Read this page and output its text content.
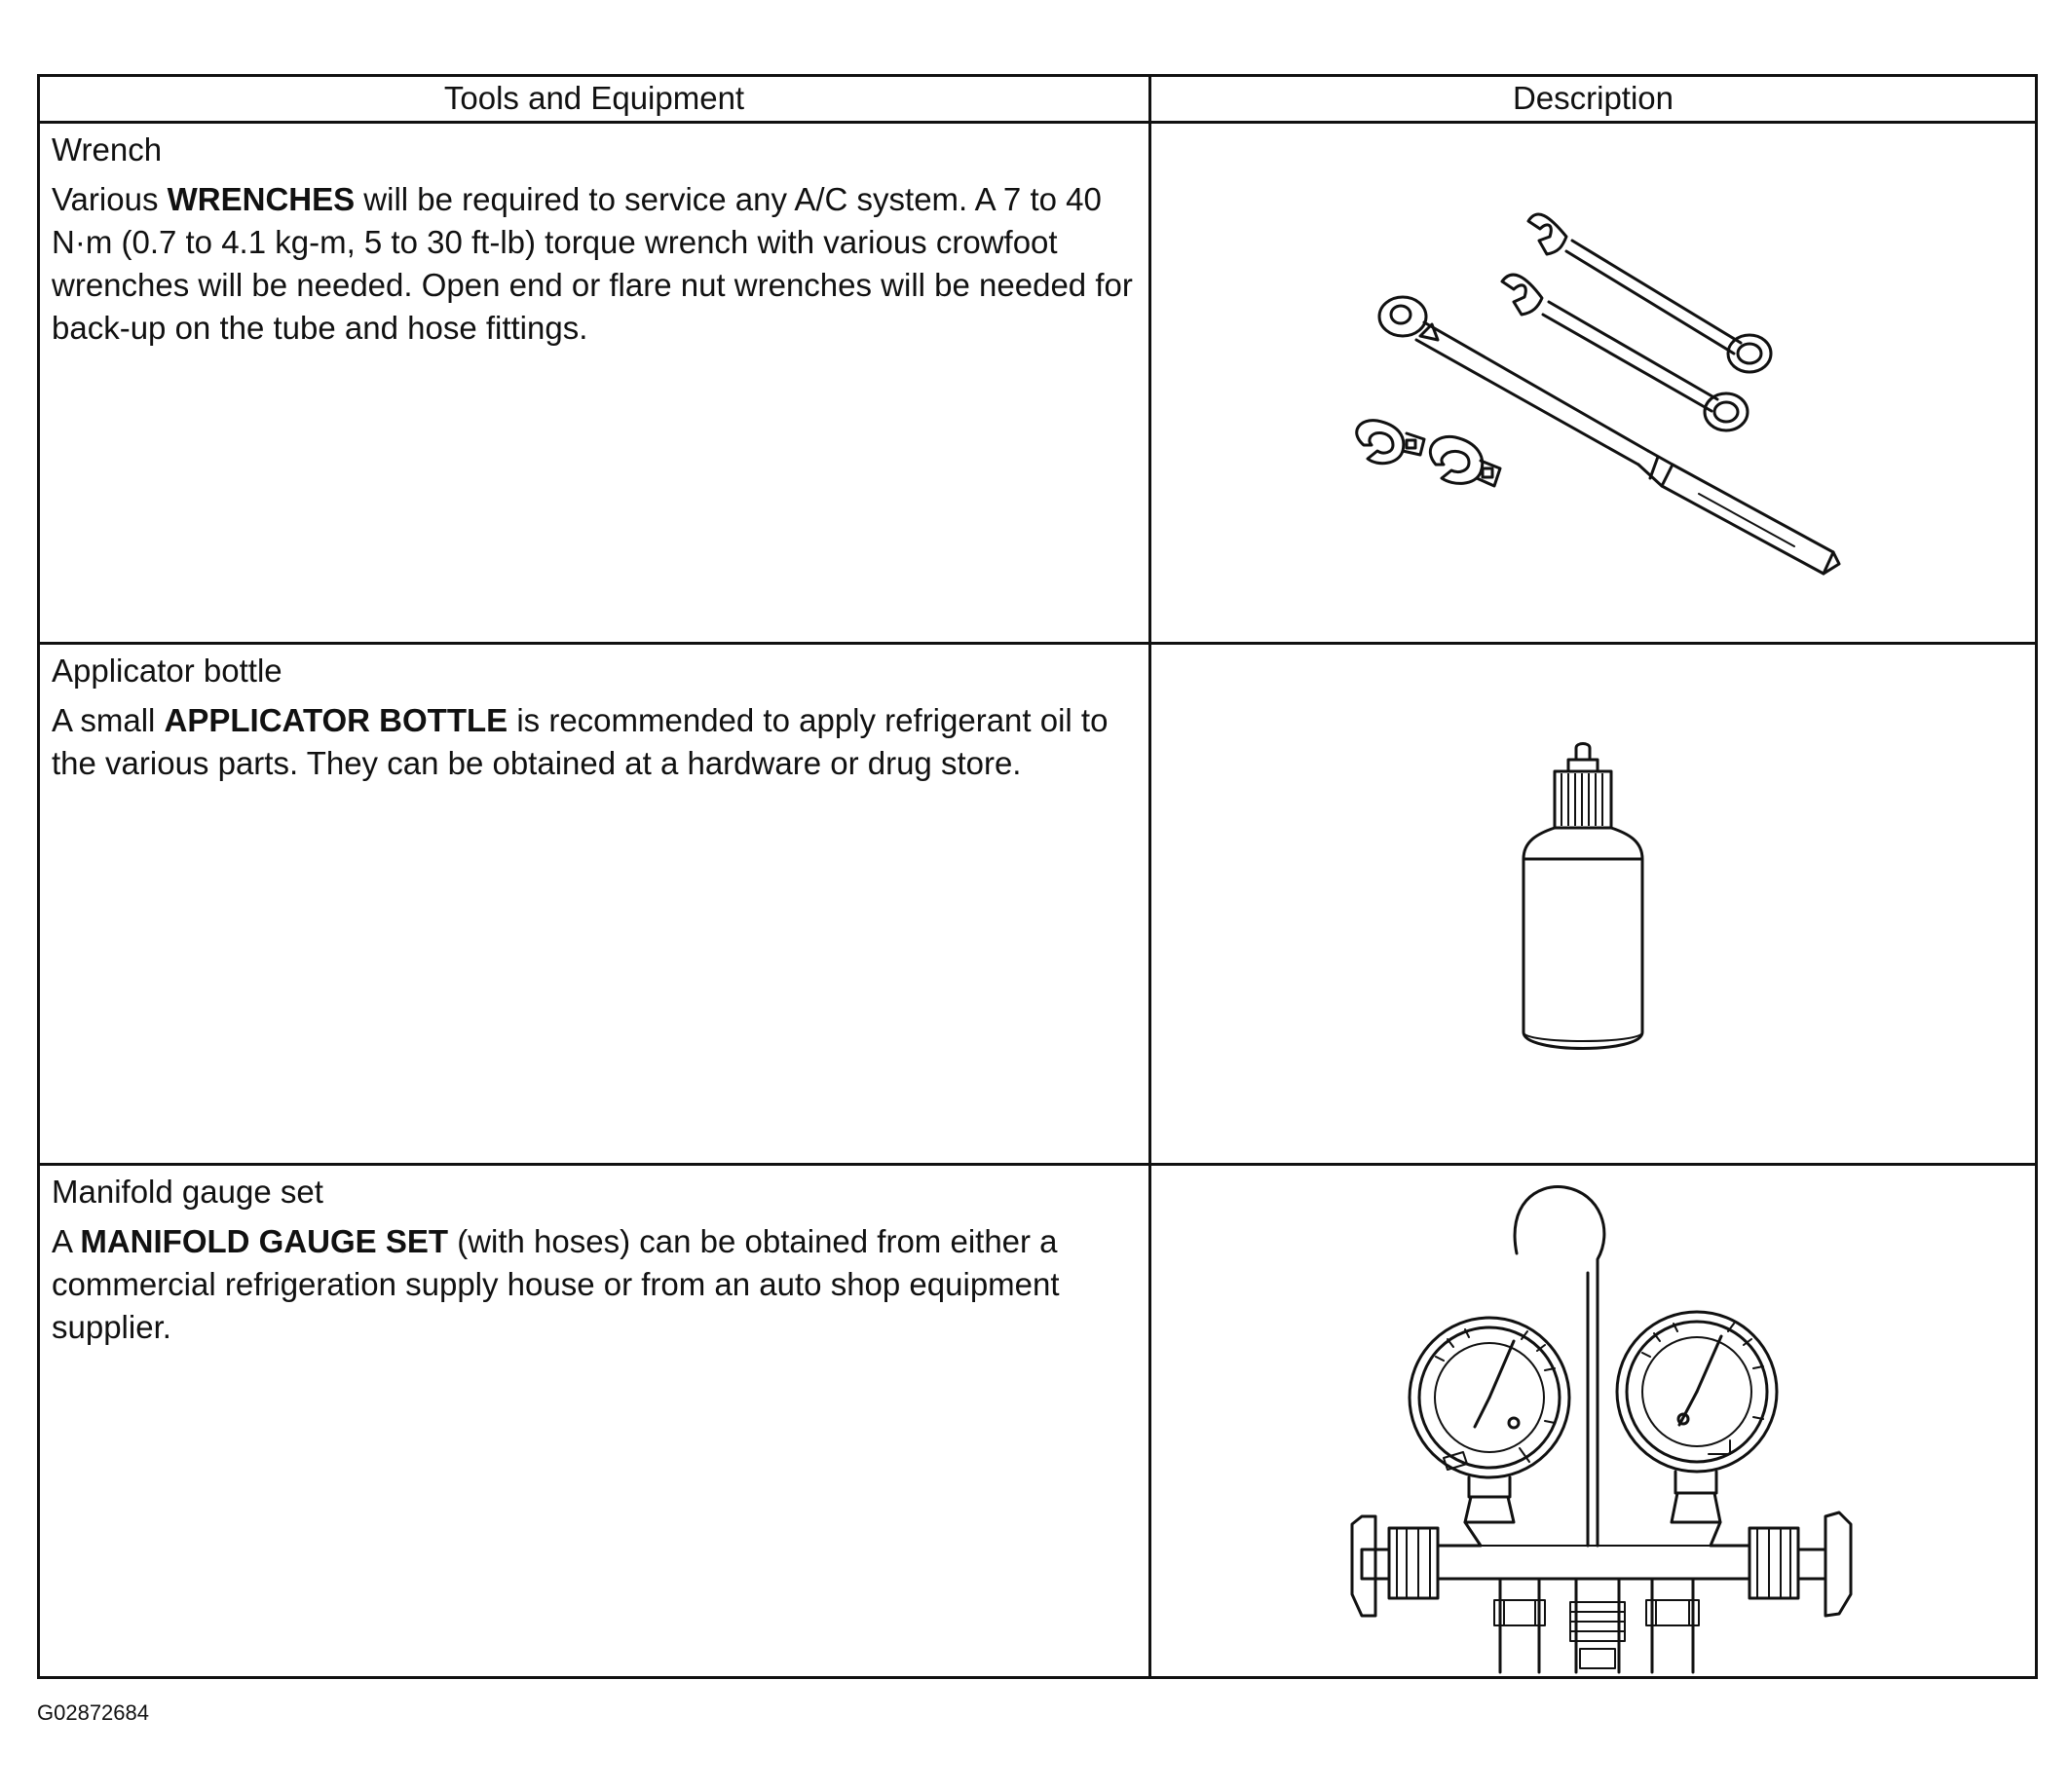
Tools and Equipment	Description

Wrench

Various WRENCHES will be required to service any A/C system. A 7 to 40 N·m (0.7 to 4.1 kg-m, 5 to 30 ft-lb) torque wrench with various crowfoot wrenches will be needed. Open end or flare nut wrenches will be needed for back-up on the tube and hose fittings.

Applicator bottle

A small APPLICATOR BOTTLE is recommended to apply refrigerant oil to the various parts. They can be obtained at a hardware or drug store.

Manifold gauge set

A MANIFOLD GAUGE SET (with hoses) can be obtained from either a commercial refrigeration supply house or from an auto shop equipment supplier.

G02872684
